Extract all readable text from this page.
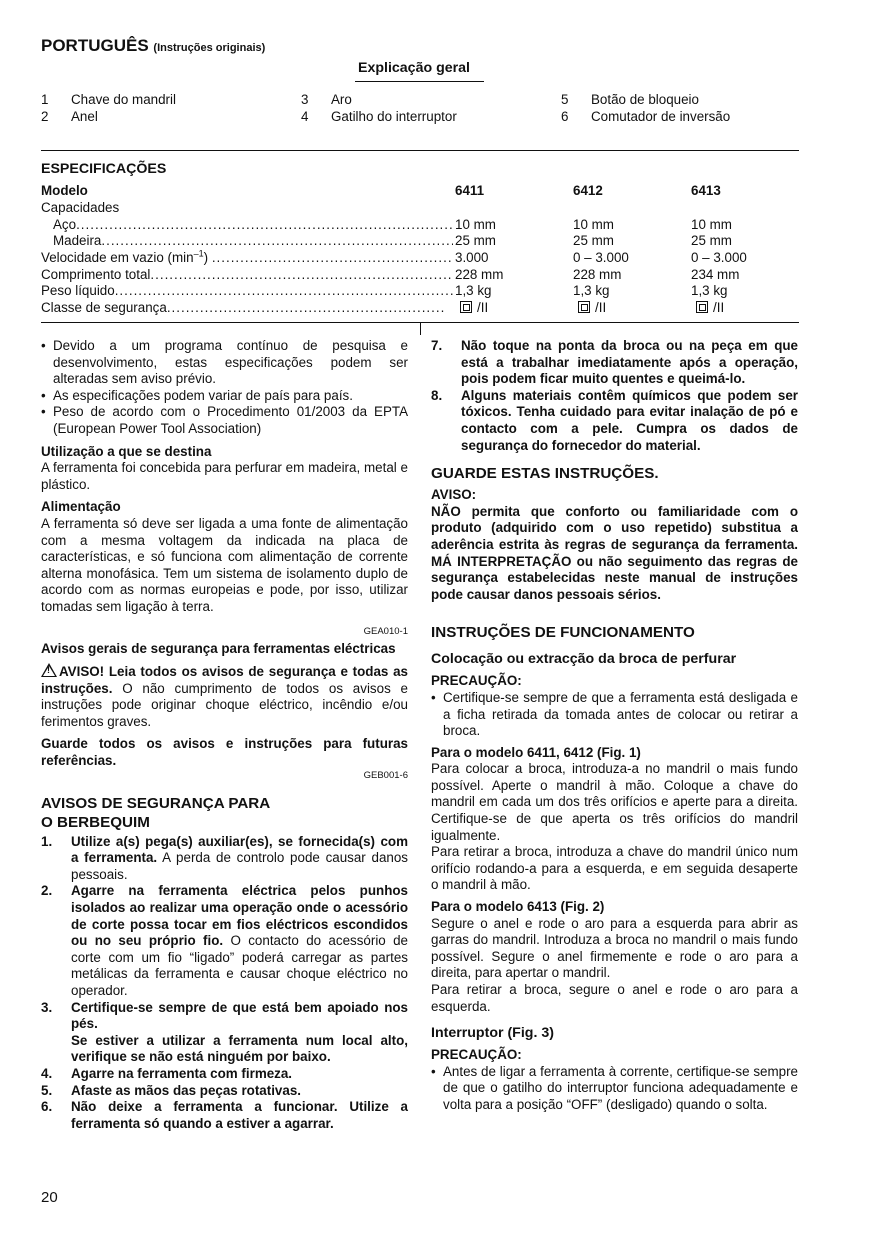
PORTUGUÊS (Instruções originais)
Explicação geral
1 Chave do mandril
2 Anel
3 Aro
4 Gatilho do interruptor
5 Botão de bloqueio
6 Comutador de inversão
ESPECIFICAÇÕES
Modelo	6411	6412	6413
Capacidades
Aço .....	10 mm	10 mm	10 mm
Madeira .....	25 mm	25 mm	25 mm
Velocidade em vazio $(\min^{-1})$ .....	3.000	0 – 3.000	0 – 3.000
Comprimento total .....	228 mm	228 mm	234 mm
Peso líquido .....	1,3 kg	1,3 kg	1,3 kg
Classe de segurança .....	/II	/II	/II
• Devido a um programa contínuo de pesquisa e desenvolvimento, estas especificações podem ser alteradas sem aviso prévio.
• As especificações podem variar de país para país.
• Peso de acordo com o Procedimento 01/2003 da EPTA (European Power Tool Association)

Utilização a que se destina

A ferramenta foi concebida para perfurar em madeira, metal e plástico.

Alimentação

A ferramenta só deve ser ligada a uma fonte de alimentação com a mesma voltagem da indicada na placa de características, e só funciona com alimentação de corrente alterna monofásica. Tem um sistema de isolamento duplo de acordo com as normas europeias e pode, por isso, utilizar tomadas sem ligação à terra.

GEA010-1

Avisos gerais de segurança para ferramentas eléctricas

!AVISO! Leia todos os avisos de segurança e todas as instruções. O não cumprimento de todos os avisos e instruções pode originar choque eléctrico, incêndio e/ou ferimentos graves.

Guarde todos os avisos e instruções para futuras referências.

GEB001-6

AVISOS DE SEGURANÇA PARA

O BERBEQUIM

1.	Utilize a(s) pega(s) auxiliar(es), se fornecida(s) com a ferramenta. A perda de controlo pode causar danos pessoais.
2.	Agarre na ferramenta eléctrica pelos punhos isolados ao realizar uma operação onde o acessório de corte possa tocar em fios eléctricos escondidos ou no seu próprio fio. O contacto do acessório de corte com um fio “ligado” poderá carregar as partes metálicas da ferramenta e causar choque eléctrico no operador.
3.	Certifique-se sempre de que está bem apoiado nos pés.
Se estiver a utilizar a ferramenta num local alto, verifique se não está ninguém por baixo.
4.	Agarre na ferramenta com firmeza.
5.	Afaste as mãos das peças rotativas.
6.	Não deixe a ferramenta a funcionar. Utilize a ferramenta só quando a estiver a agarrar.
7.	Não toque na ponta da broca ou na peça em que está a trabalhar imediatamente após a operação, pois podem ficar muito quentes e queimá-lo.
8.	Alguns materiais contêm químicos que podem ser tóxicos. Tenha cuidado para evitar inalação de pó e contacto com a pele. Cumpra os dados de segurança do fornecedor do material.

GUARDE ESTAS INSTRUÇÕES.

AVISO:

NÃO permita que conforto ou familiaridade com o produto (adquirido com o uso repetido) substitua a aderência estrita às regras de segurança da ferramenta. MÁ INTERPRETAÇÃO ou não seguimento das regras de segurança estabelecidas neste manual de instruções pode causar danos pessoais sérios.

INSTRUÇÕES DE FUNCIONAMENTO

Colocação ou extracção da broca de perfurar

PRECAUÇÃO:

• Certifique-se sempre de que a ferramenta está desligada e a ficha retirada da tomada antes de colocar ou retirar a broca.

Para o modelo 6411, 6412 (Fig. 1)

Para colocar a broca, introduza-a no mandril o mais fundo possível. Aperte o mandril à mão. Coloque a chave do mandril em cada um dos três orifícios e aperte para a direita. Certifique-se de que aperta os três orifícios do mandril igualmente.

Para retirar a broca, introduza a chave do mandril único num orifício rodando-a para a esquerda, e em seguida desaperte o mandril à mão.

Para o modelo 6413 (Fig. 2)

Segure o anel e rode o aro para a esquerda para abrir as garras do mandril. Introduza a broca no mandril o mais fundo possível. Segure o anel firmemente e rode o aro para a direita, para apertar o mandril.

Para retirar a broca, segure o anel e rode o aro para a esquerda.

Interruptor (Fig. 3)

PRECAUÇÃO:

• Antes de ligar a ferramenta à corrente, certifique-se sempre de que o gatilho do interruptor funciona adequadamente e volta para a posição “OFF” (desligado) quando o solta.
20
